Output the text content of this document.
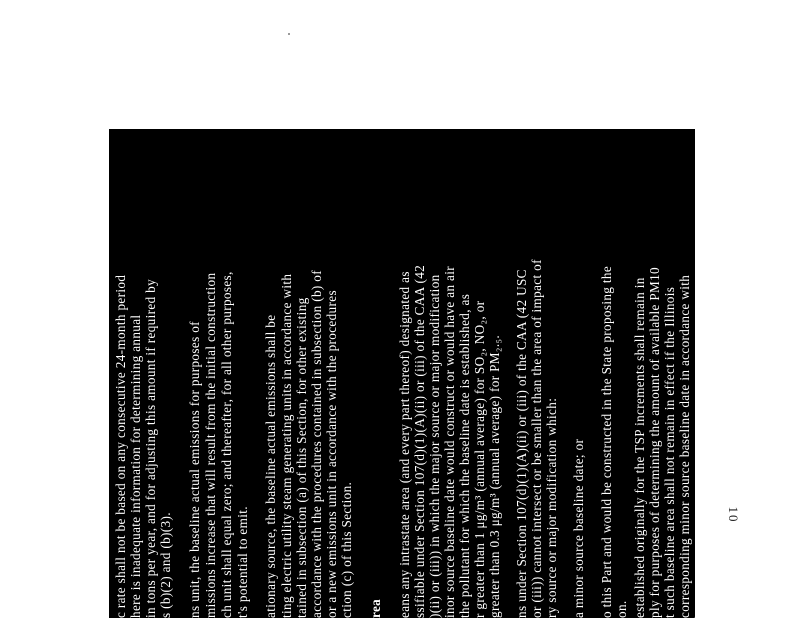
c rate shall not be based on any consecutive 24-month period here is inadequate information for determining annual in tons per year, and for adjusting this amount if required by s (b)(2) and (b)(3). ns unit, the baseline actual emissions for purposes of missions increase that will result from the initial construction ch unit shall equal zero; and thereafter, for all other purposes, t's potential to emit. ationary source, the baseline actual emissions shall be ting electric utility steam generating units in accordance with tained in subsection (a) of this Section, for other existing accordance with the procedures contained in subsection (b) of or a new emissions unit in accordance with the procedures ction (c) of this Section. rea eans any intrastate area (and every part thereof) designated as ssifiable under Section 107(d)(1)(A)(ii) or (iii) of the CAA (42 )(ii) or (iii)) in which the major source or major modification inor source baseline date would construct or would have an air the pollutant for which the baseline date is established, as r greater than 1 μg/m³ (annual average) for SO₂, NO₂, or greater than 0.3 μg/m³ (annual average) for PM₂.₅. ns under Section 107(d)(1)(A)(ii) or (iii) of the CAA (42 USC or (iii)) cannot intersect or be smaller than the area of impact of ry source or major modification which: a minor source baseline date; or o this Part and would be constructed in the State proposing the on. established originally for the TSP increments shall remain in ply for purposes of determining the amount of available PM10 t such baseline area shall not remain in effect if the Illinois corresponding minor source baseline date in accordance with ). oncentration
10
